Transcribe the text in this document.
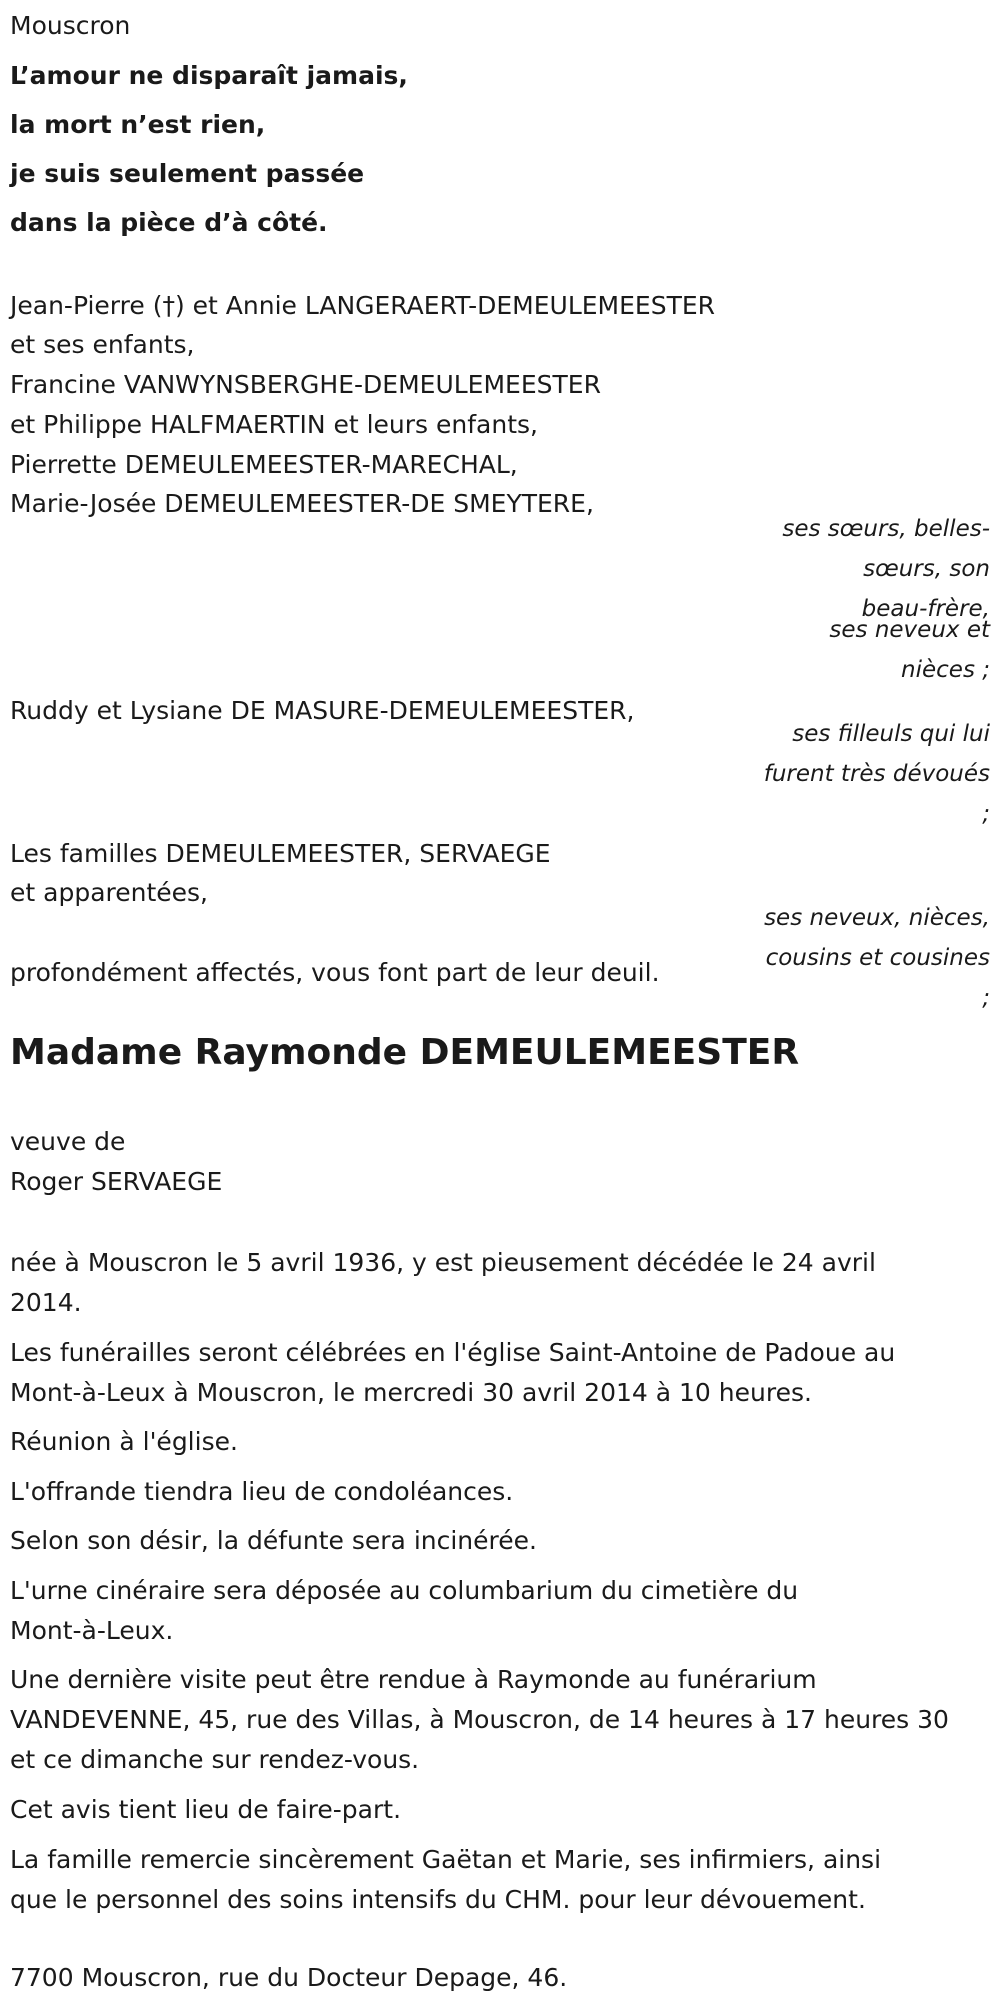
Mouscron
L’amour ne disparaît jamais,
la mort n’est rien,
je suis seulement passée
dans la pièce d’à côté.
Jean-Pierre (†) et Annie LANGERAERT-DEMEULEMEESTER
et ses enfants,
Francine VANWYNSBERGHE-DEMEULEMEESTER
et Philippe HALFMAERTIN et leurs enfants,
Pierrette DEMEULEMEESTER-MARECHAL,
Marie-Josée DEMEULEMEESTER-DE SMEYTERE,
ses sœurs, belles-
sœurs, son
beau-frère,
ses neveux et
nièces ;
Ruddy et Lysiane DE MASURE-DEMEULEMEESTER,
ses filleuls qui lui
furent très dévoués
;
Les familles DEMEULEMEESTER, SERVAEGE
et apparentées,
ses neveux, nièces,
cousins et cousines
;
profondément affectés, vous font part de leur deuil.
Madame Raymonde DEMEULEMEESTER
veuve de
Roger SERVAEGE
née à Mouscron le 5 avril 1936, y est pieusement décédée le 24 avril
2014.
Les funérailles seront célébrées en l'église Saint-Antoine de Padoue au
Mont-à-Leux à Mouscron, le mercredi 30 avril 2014 à 10 heures.
Réunion à l'église.
L'offrande tiendra lieu de condoléances.
Selon son désir, la défunte sera incinérée.
L'urne cinéraire sera déposée au columbarium du cimetière du
Mont-à-Leux.
Une dernière visite peut être rendue à Raymonde au funérarium
VANDEVENNE, 45, rue des Villas, à Mouscron, de 14 heures à 17 heures 30
et ce dimanche sur rendez-vous.
Cet avis tient lieu de faire-part.
La famille remercie sincèrement Gaëtan et Marie, ses infirmiers, ainsi
que le personnel des soins intensifs du CHM. pour leur dévouement.
7700 Mouscron, rue du Docteur Depage, 46.
